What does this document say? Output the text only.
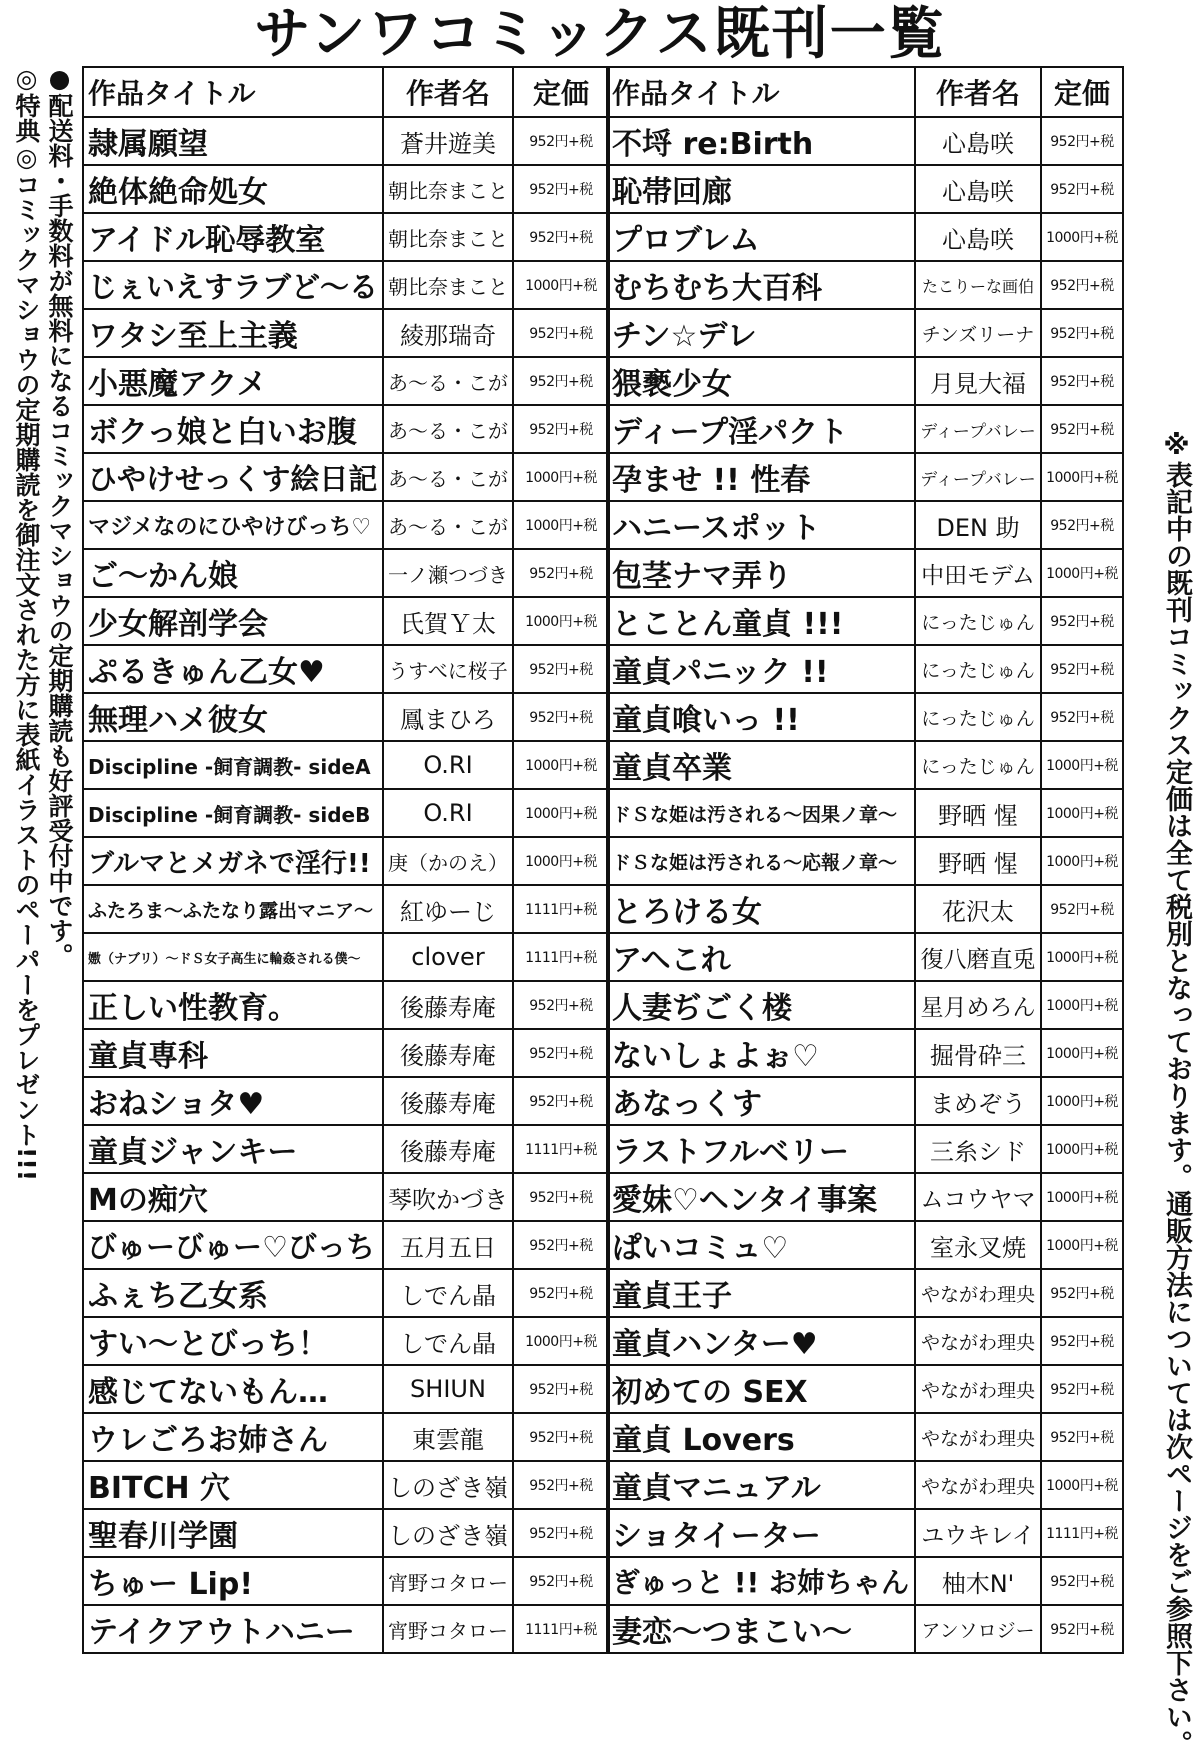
サンワコミックス既刊一覧
●配送料・手数料が無料になるコミックマショウの定期購読も好評受付中です。
◎特典◎コミックマショウの定期購読を御注文された方に表紙イラストのペーパーをプレゼント!!!	※表記中の既刊コミックス定価は全て税別となっております。通販方法については次ページをご参照下さい。
作品タイトル	作者名	定価
隷属願望	蒼井遊美	952円+税
絶体絶命処女	朝比奈まこと	952円+税
アイドル恥辱教室	朝比奈まこと	952円+税
じぇいえすラブど〜る	朝比奈まこと	1000円+税
ワタシ至上主義	綾那瑞奇	952円+税
小悪魔アクメ	あ〜る・こが	952円+税
ボクっ娘と白いお腹	あ〜る・こが	952円+税
ひやけせっくす絵日記	あ〜る・こが	1000円+税
マジメなのにひやけびっち♡	あ〜る・こが	1000円+税
ご〜かん娘	一ノ瀬つづき	952円+税
少女解剖学会	氏賀Ｙ太	1000円+税
ぷるきゅん乙女♥	うすべに桜子	952円+税
無理ハメ彼女	鳳まひろ	952円+税
Discipline -飼育調教- sideA	O.RI	1000円+税
Discipline -飼育調教- sideB	O.RI	1000円+税
ブルマとメガネで淫行!!	庚（かのえ）	1000円+税
ふたろま〜ふたなり露出マニア〜	紅ゆーじ	1111円+税
嫐（ナブリ）〜ドＳ女子高生に輪姦される僕〜	clover	1111円+税
正しい性教育。	後藤寿庵	952円+税
童貞専科	後藤寿庵	952円+税
おねショタ♥	後藤寿庵	952円+税
童貞ジャンキー	後藤寿庵	1111円+税
Mの痴穴	琴吹かづき	952円+税
びゅーびゅー♡びっち	五月五日	952円+税
ふぇち乙女系	しでん晶	952円+税
すい〜とびっち！	しでん晶	1000円+税
感じてないもん…	SHIUN	952円+税
ウレごろお姉さん	東雲龍	952円+税
BITCH 穴	しのざき嶺	952円+税
聖春川学園	しのざき嶺	952円+税
ちゅー Lip!	宵野コタロー	952円+税
テイクアウトハニー	宵野コタロー	1111円+税
作品タイトル	作者名	定価
不埒 re:Birth	心島咲	952円+税
恥帯回廊	心島咲	952円+税
プロブレム	心島咲	1000円+税
むちむち大百科	たこりーな画伯	952円+税
チン☆デレ	チンズリーナ	952円+税
猥褻少女	月見大福	952円+税
ディープ淫パクト	ディープバレー	952円+税
孕ませ !! 性春	ディープバレー	1000円+税
ハニースポット	DEN 助	952円+税
包茎ナマ弄り	中田モデム	1000円+税
とことん童貞 !!!	にったじゅん	952円+税
童貞パニック !!	にったじゅん	952円+税
童貞喰いっ !!	にったじゅん	952円+税
童貞卒業	にったじゅん	1000円+税
ドＳな姫は汚される〜因果ノ章〜	野晒 惺	1000円+税
ドＳな姫は汚される〜応報ノ章〜	野晒 惺	1000円+税
とろける女	花沢太	952円+税
アヘこれ	復八磨直兎	1000円+税
人妻ぢごく楼	星月めろん	1000円+税
ないしょよぉ♡	掘骨砕三	1000円+税
あなっくす	まめぞう	1000円+税
ラストフルベリー	三糸シド	1000円+税
愛妹♡ヘンタイ事案	ムコウヤマ	1000円+税
ぱいコミュ♡	室永叉焼	1000円+税
童貞王子	やながわ理央	952円+税
童貞ハンター♥	やながわ理央	952円+税
初めての SEX	やながわ理央	952円+税
童貞 Lovers	やながわ理央	952円+税
童貞マニュアル	やながわ理央	1000円+税
ショタイーター	ユウキレイ	1111円+税
ぎゅっと !! お姉ちゃん	柚木N'	952円+税
妻恋〜つまこい〜	アンソロジー	952円+税
